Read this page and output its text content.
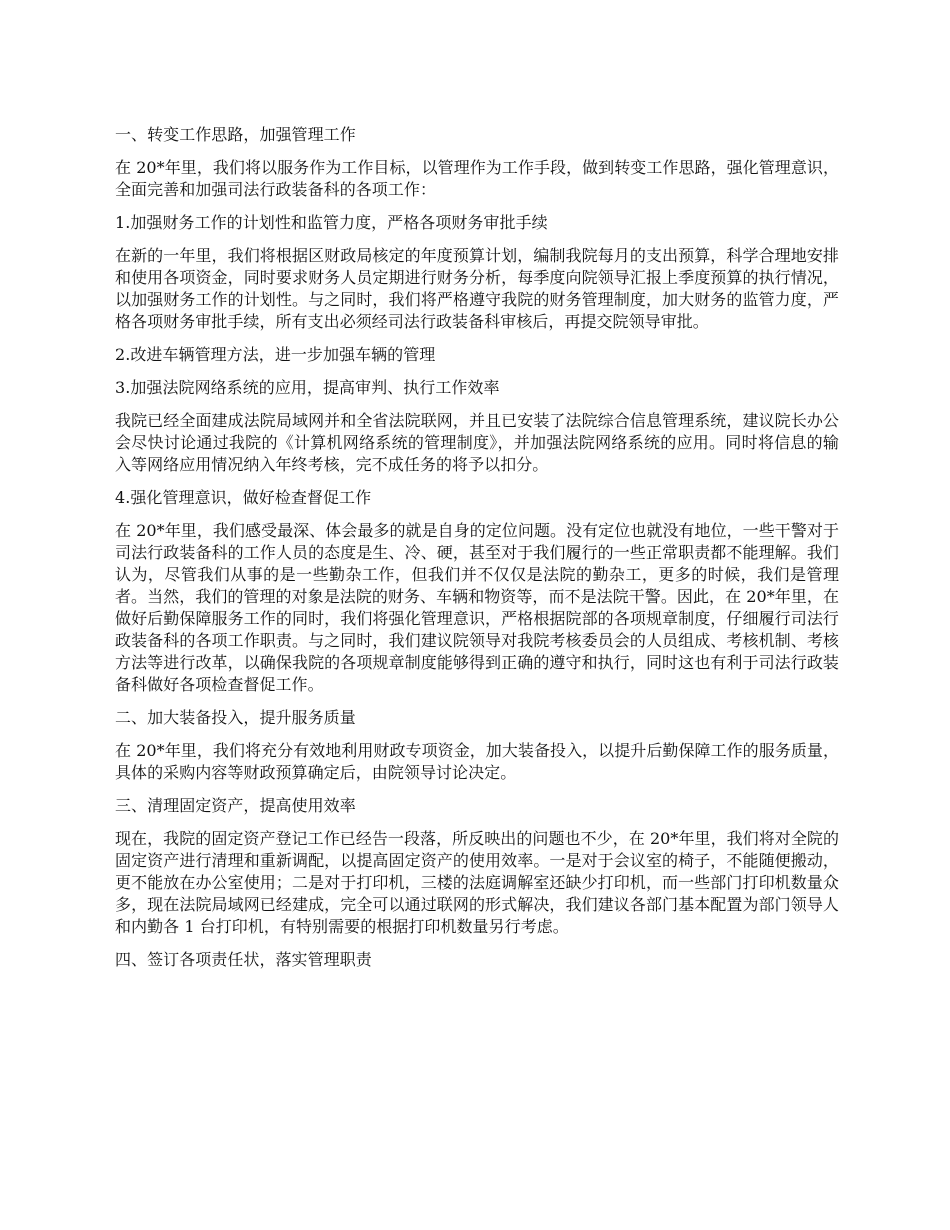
一、转变工作思路，加强管理工作

在 20*年里，我们将以服务作为工作目标，以管理作为工作手段，做到转变工作思路，强化管理意识，全面完善和加强司法行政装备科的各项工作：

1.加强财务工作的计划性和监管力度，严格各项财务审批手续

在新的一年里，我们将根据区财政局核定的年度预算计划，编制我院每月的支出预算，科学合理地安排和使用各项资金，同时要求财务人员定期进行财务分析，每季度向院领导汇报上季度预算的执行情况，以加强财务工作的计划性。与之同时，我们将严格遵守我院的财务管理制度，加大财务的监管力度，严格各项财务审批手续，所有支出必须经司法行政装备科审核后，再提交院领导审批。

2.改进车辆管理方法，进一步加强车辆的管理

3.加强法院网络系统的应用，提高审判、执行工作效率

我院已经全面建成法院局域网并和全省法院联网，并且已安装了法院综合信息管理系统，建议院长办公会尽快讨论通过我院的《计算机网络系统的管理制度》，并加强法院网络系统的应用。同时将信息的输入等网络应用情况纳入年终考核，完不成任务的将予以扣分。

4.强化管理意识，做好检查督促工作

在 20*年里，我们感受最深、体会最多的就是自身的定位问题。没有定位也就没有地位，一些干警对于司法行政装备科的工作人员的态度是生、冷、硬，甚至对于我们履行的一些正常职责都不能理解。我们认为，尽管我们从事的是一些勤杂工作，但我们并不仅仅是法院的勤杂工，更多的时候，我们是管理者。当然，我们的管理的对象是法院的财务、车辆和物资等，而不是法院干警。因此，在 20*年里，在做好后勤保障服务工作的同时，我们将强化管理意识，严格根据院部的各项规章制度，仔细履行司法行政装备科的各项工作职责。与之同时，我们建议院领导对我院考核委员会的人员组成、考核机制、考核方法等进行改革，以确保我院的各项规章制度能够得到正确的遵守和执行，同时这也有利于司法行政装备科做好各项检查督促工作。

二、加大装备投入，提升服务质量

在 20*年里，我们将充分有效地利用财政专项资金，加大装备投入，以提升后勤保障工作的服务质量，具体的采购内容等财政预算确定后，由院领导讨论决定。

三、清理固定资产，提高使用效率

现在，我院的固定资产登记工作已经告一段落，所反映出的问题也不少，在 20*年里，我们将对全院的固定资产进行清理和重新调配，以提高固定资产的使用效率。一是对于会议室的椅子，不能随便搬动，更不能放在办公室使用；二是对于打印机，三楼的法庭调解室还缺少打印机，而一些部门打印机数量众多，现在法院局域网已经建成，完全可以通过联网的形式解决，我们建议各部门基本配置为部门领导人和内勤各 1 台打印机，有特别需要的根据打印机数量另行考虑。

四、签订各项责任状，落实管理职责
